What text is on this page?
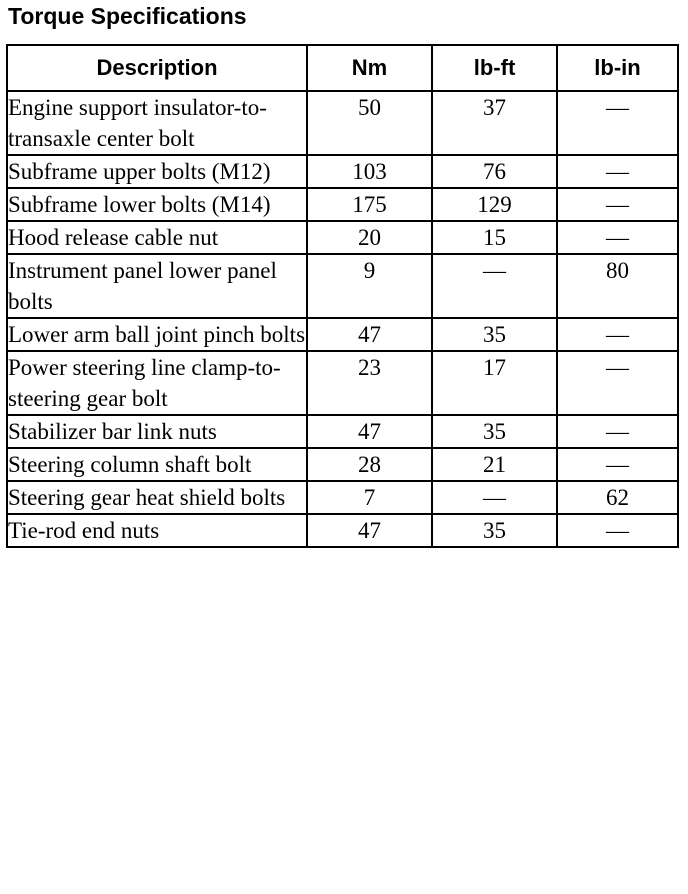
Torque Specifications
Description	Nm	lb-ft	lb-in
Engine support insulator-to-transaxle center bolt	50	37	—
Subframe upper bolts (M12)	103	76	—
Subframe lower bolts (M14)	175	129	—
Hood release cable nut	20	15	—
Instrument panel lower panel bolts	9	—	80
Lower arm ball joint pinch bolts	47	35	—
Power steering line clamp-to-steering gear bolt	23	17	—
Stabilizer bar link nuts	47	35	—
Steering column shaft bolt	28	21	—
Steering gear heat shield bolts	7	—	62
Tie-rod end nuts	47	35	—
